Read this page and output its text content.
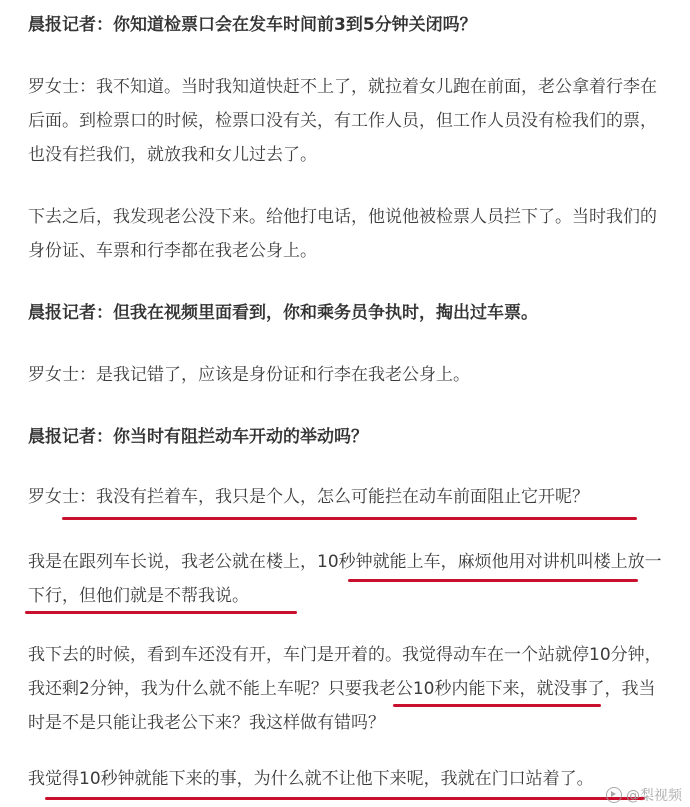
晨报记者：你知道检票口会在发车时间前3到5分钟关闭吗？

罗女士：我不知道。当时我知道快赶不上了，就拉着女儿跑在前面，老公拿着行李在后面。到检票口的时候，检票口没有关，有工作人员，但工作人员没有检我们的票，也没有拦我们，就放我和女儿过去了。

下去之后，我发现老公没下来。给他打电话，他说他被检票人员拦下了。当时我们的身份证、车票和行李都在我老公身上。

晨报记者：但我在视频里面看到，你和乘务员争执时，掏出过车票。

罗女士：是我记错了，应该是身份证和行李在我老公身上。

晨报记者：你当时有阻拦动车开动的举动吗？

罗女士：我没有拦着车，我只是个人，怎么可能拦在动车前面阻止它开呢？

我是在跟列车长说，我老公就在楼上，10秒钟就能上车，麻烦他用对讲机叫楼上放一下行，但他们就是不帮我说。

我下去的时候，看到车还没有开，车门是开着的。我觉得动车在一个站就停10分钟，我还剩2分钟，我为什么就不能上车呢？只要我老公10秒内能下来，就没事了，我当时是不是只能让我老公下来？我这样做有错吗？

我觉得10秒钟就能下来的事，为什么就不让他下来呢，我就在门口站着了。

@梨视频
